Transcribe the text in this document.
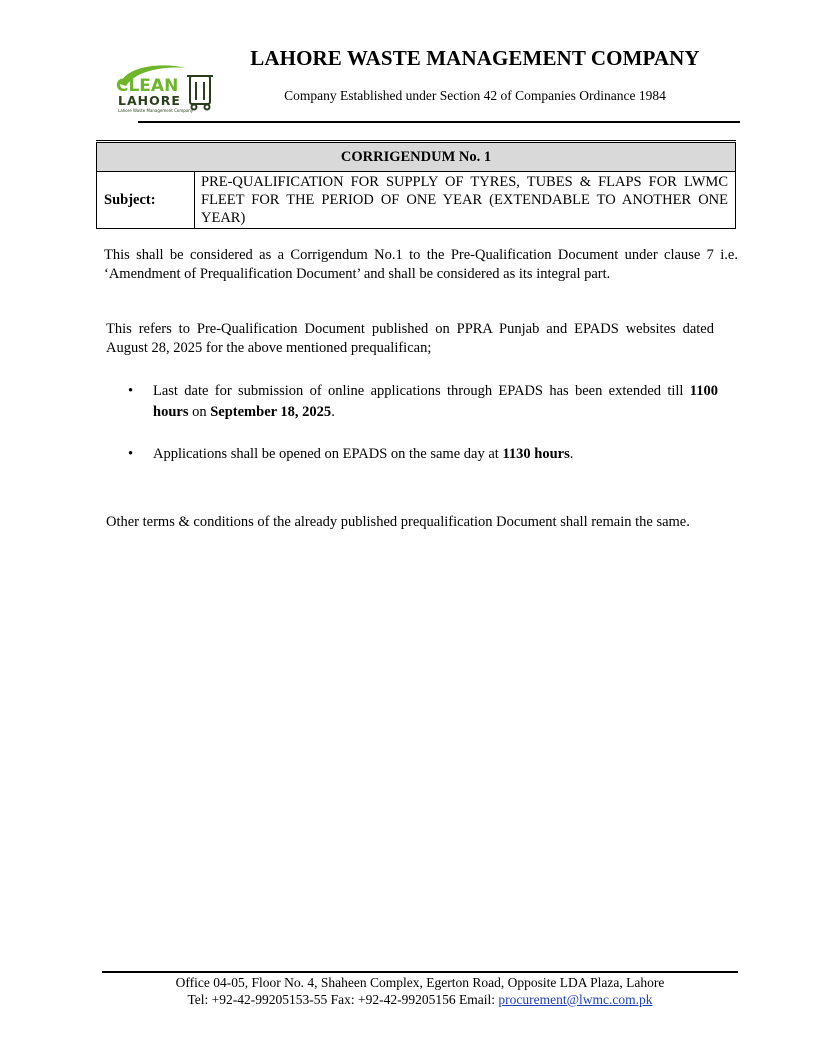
CLEAN
LAHORE
Lahore Waste Management Company
LAHORE WASTE MANAGEMENT COMPANY
Company Established under Section 42 of Companies Ordinance 1984
CORRIGENDUM No. 1
Subject:	PRE-QUALIFICATION FOR SUPPLY OF TYRES, TUBES & FLAPS FOR LWMC FLEET FOR THE PERIOD OF ONE YEAR (EXTENDABLE TO ANOTHER ONE YEAR)
This shall be considered as a Corrigendum No.1 to the Pre-Qualification Document under clause 7 i.e. ‘Amendment of Prequalification Document’ and shall be considered as its integral part.
This refers to Pre-Qualification Document published on PPRA Punjab and EPADS websites dated August 28, 2025 for the above mentioned prequalifican;
•	Last date for submission of online applications through EPADS has been extended till 1100 hours on September 18, 2025.
•	Applications shall be opened on EPADS on the same day at 1130 hours.
Other terms & conditions of the already published prequalification Document shall remain the same.
Office 04-05, Floor No. 4, Shaheen Complex, Egerton Road, Opposite LDA Plaza, Lahore
Tel: +92-42-99205153-55 Fax: +92-42-99205156 Email: procurement@lwmc.com.pk
